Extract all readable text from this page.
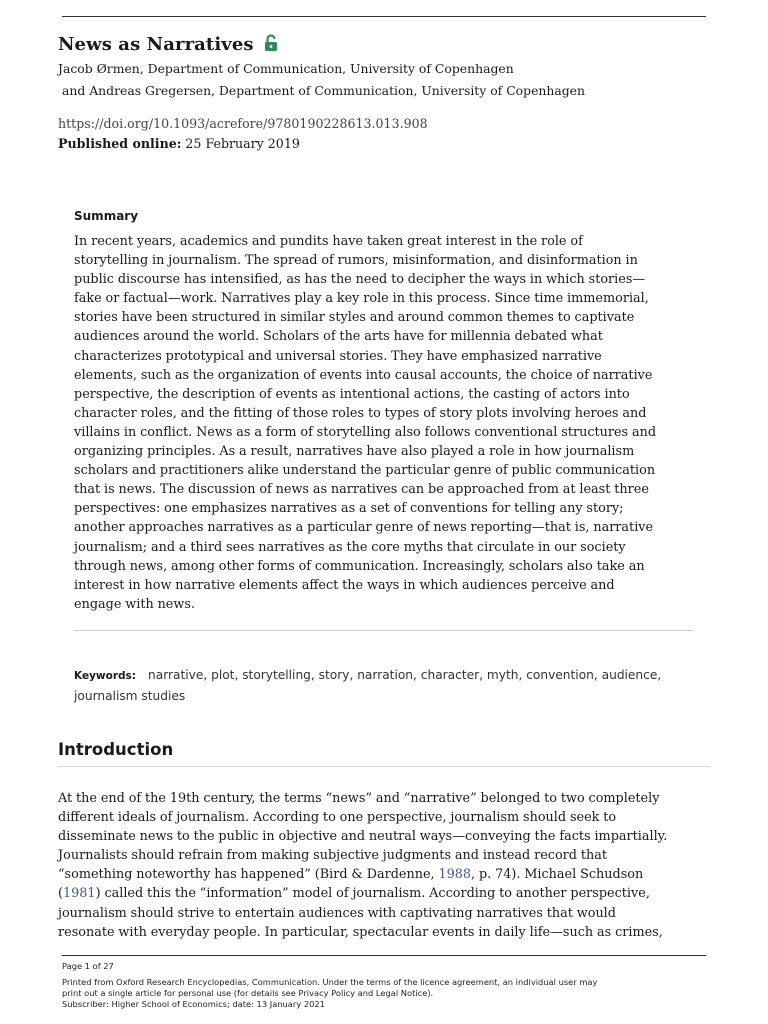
News as Narratives
Jacob Ørmen, Department of Communication, University of Copenhagen
and Andreas Gregersen, Department of Communication, University of Copenhagen
https://doi.org/10.1093/acrefore/9780190228613.013.908
Published online: 25 February 2019
Summary
In recent years, academics and pundits have taken great interest in the role of
storytelling in journalism. The spread of rumors, misinformation, and disinformation in
public discourse has intensified, as has the need to decipher the ways in which stories—
fake or factual—work. Narratives play a key role in this process. Since time immemorial,
stories have been structured in similar styles and around common themes to captivate
audiences around the world. Scholars of the arts have for millennia debated what
characterizes prototypical and universal stories. They have emphasized narrative
elements, such as the organization of events into causal accounts, the choice of narrative
perspective, the description of events as intentional actions, the casting of actors into
character roles, and the fitting of those roles to types of story plots involving heroes and
villains in conflict. News as a form of storytelling also follows conventional structures and
organizing principles. As a result, narratives have also played a role in how journalism
scholars and practitioners alike understand the particular genre of public communication
that is news. The discussion of news as narratives can be approached from at least three
perspectives: one emphasizes narratives as a set of conventions for telling any story;
another approaches narratives as a particular genre of news reporting—that is, narrative
journalism; and a third sees narratives as the core myths that circulate in our society
through news, among other forms of communication. Increasingly, scholars also take an
interest in how narrative elements affect the ways in which audiences perceive and
engage with news.
Keywords: narrative, plot, storytelling, story, narration, character, myth, convention, audience,
journalism studies
Introduction
At the end of the 19th century, the terms “news” and “narrative” belonged to two completely
different ideals of journalism. According to one perspective, journalism should seek to
disseminate news to the public in objective and neutral ways—conveying the facts impartially.
Journalists should refrain from making subjective judgments and instead record that
“something noteworthy has happened” (Bird & Dardenne, 1988, p. 74). Michael Schudson
(1981) called this the “information” model of journalism. According to another perspective,
journalism should strive to entertain audiences with captivating narratives that would
resonate with everyday people. In particular, spectacular events in daily life—such as crimes,
Page 1 of 27
Printed from Oxford Research Encyclopedias, Communication. Under the terms of the licence agreement, an individual user may
print out a single article for personal use (for details see Privacy Policy and Legal Notice).
Subscriber: Higher School of Economics; date: 13 January 2021
